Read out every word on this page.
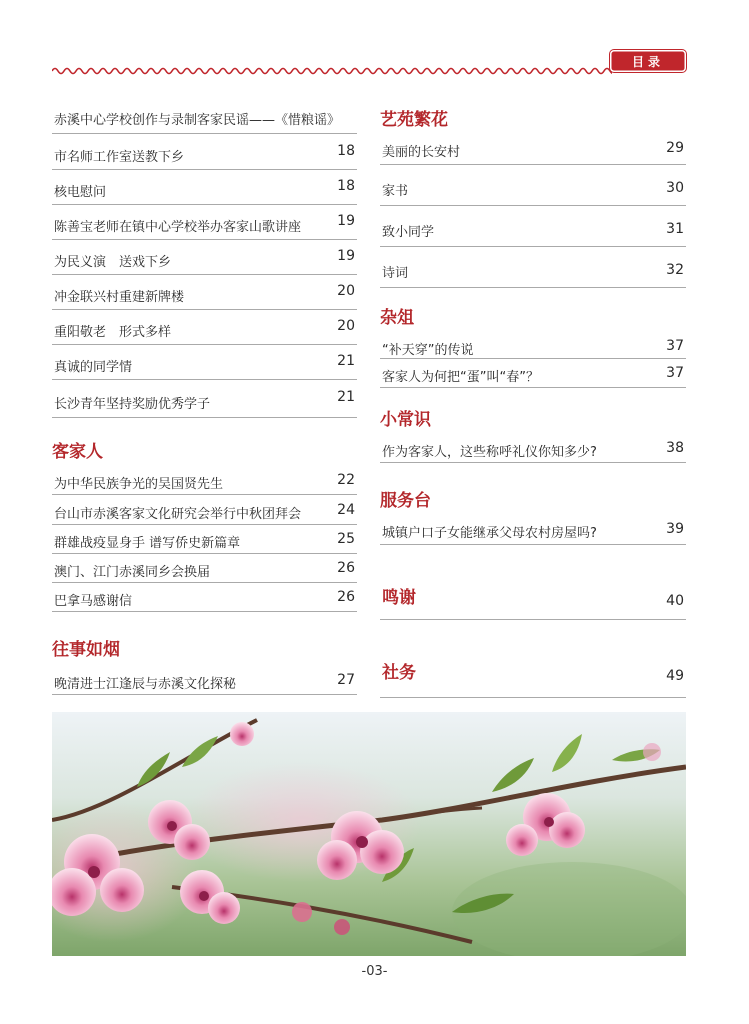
目录
赤溪中心学校创作与录制客家民谣——《惜粮谣》
市名师工作室送教下乡	18
核电慰问	18
陈善宝老师在镇中心学校举办客家山歌讲座	19
为民义演　送戏下乡	19
冲金联兴村重建新牌楼	20
重阳敬老　形式多样	20
真诚的同学情	21
长沙青年坚持奖励优秀学子	21
客家人
为中华民族争光的吴国贤先生	22
台山市赤溪客家文化研究会举行中秋团拜会	24
群雄战疫显身手 谱写侨史新篇章	25
澳门、江门赤溪同乡会换届	26
巴拿马感谢信	26
往事如烟
晚清进士江逢辰与赤溪文化探秘	27
艺苑繁花
美丽的长安村	29
家书	30
致小同学	31
诗词	32
杂俎
“补天穿”的传说	37
客家人为何把“蛋”叫“春”？	37
小常识
作为客家人，这些称呼礼仪你知多少?	38
服务台
城镇户口子女能继承父母农村房屋吗?	39
鸣谢	40
社务	49
-03-
